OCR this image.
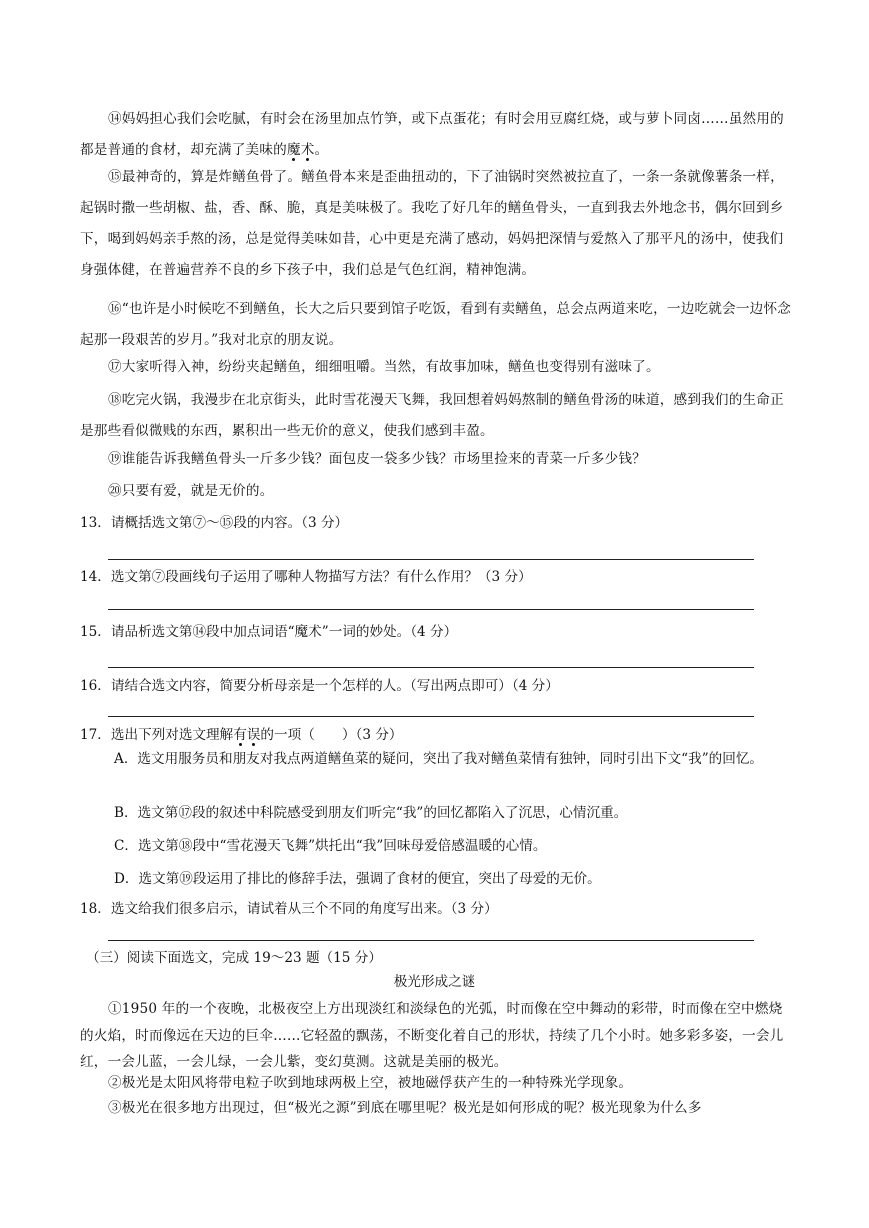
⑭妈妈担心我们会吃腻，有时会在汤里加点竹笋，或下点蛋花；有时会用豆腐红烧，或与萝卜同卤……虽然用的都是普通的食材，却充满了美味的魔术。

⑮最神奇的，算是炸鳝鱼骨了。鳝鱼骨本来是歪曲扭动的，下了油锅时突然被拉直了，一条一条就像薯条一样，起锅时撒一些胡椒、盐，香、酥、脆，真是美味极了。我吃了好几年的鳝鱼骨头，一直到我去外地念书，偶尔回到乡下，喝到妈妈亲手熬的汤，总是觉得美味如昔，心中更是充满了感动，妈妈把深情与爱熬入了那平凡的汤中，使我们身强体健，在普遍营养不良的乡下孩子中，我们总是气色红润，精神饱满。

⑯“也许是小时候吃不到鳝鱼，长大之后只要到馆子吃饭，看到有卖鳝鱼，总会点两道来吃，一边吃就会一边怀念起那一段艰苦的岁月。”我对北京的朋友说。

⑰大家听得入神，纷纷夹起鳝鱼，细细咀嚼。当然，有故事加味，鳝鱼也变得别有滋味了。

⑱吃完火锅，我漫步在北京街头，此时雪花漫天飞舞，我回想着妈妈熬制的鳝鱼骨汤的味道，感到我们的生命正是那些看似微贱的东西，累积出一些无价的意义，使我们感到丰盈。

⑲谁能告诉我鳝鱼骨头一斤多少钱？面包皮一袋多少钱？市场里捡来的青菜一斤多少钱？

⑳只要有爱，就是无价的。

13．请概括选文第⑦～⑮段的内容。（3 分）

14．选文第⑦段画线句子运用了哪种人物描写方法？有什么作用？（3 分）

15．请品析选文第⑭段中加点词语“魔术”一词的妙处。（4 分）

16．请结合选文内容，简要分析母亲是一个怎样的人。（写出两点即可）（4 分）

17．选出下列对选文理解有误的一项（　　）（3 分）

A．选文用服务员和朋友对我点两道鳝鱼菜的疑问，突出了我对鳝鱼菜情有独钟，同时引出下文“我”的回忆。

B．选文第⑰段的叙述中科院感受到朋友们听完“我”的回忆都陷入了沉思，心情沉重。

C．选文第⑱段中“雪花漫天飞舞”烘托出“我”回味母爱倍感温暖的心情。

D．选文第⑲段运用了排比的修辞手法，强调了食材的便宜，突出了母爱的无价。

18．选文给我们很多启示，请试着从三个不同的角度写出来。（3 分）

（三）阅读下面选文，完成 19～23 题（15 分）

极光形成之谜

①1950 年的一个夜晚，北极夜空上方出现淡红和淡绿色的光弧，时而像在空中舞动的彩带，时而像在空中燃烧的火焰，时而像远在天边的巨伞……它轻盈的飘荡，不断变化着自己的形状，持续了几个小时。她多彩多姿，一会儿红，一会儿蓝，一会儿绿，一会儿紫，变幻莫测。这就是美丽的极光。

②极光是太阳风将带电粒子吹到地球两极上空，被地磁俘获产生的一种特殊光学现象。

③极光在很多地方出现过，但“极光之源”到底在哪里呢？极光是如何形成的呢？极光现象为什么多
